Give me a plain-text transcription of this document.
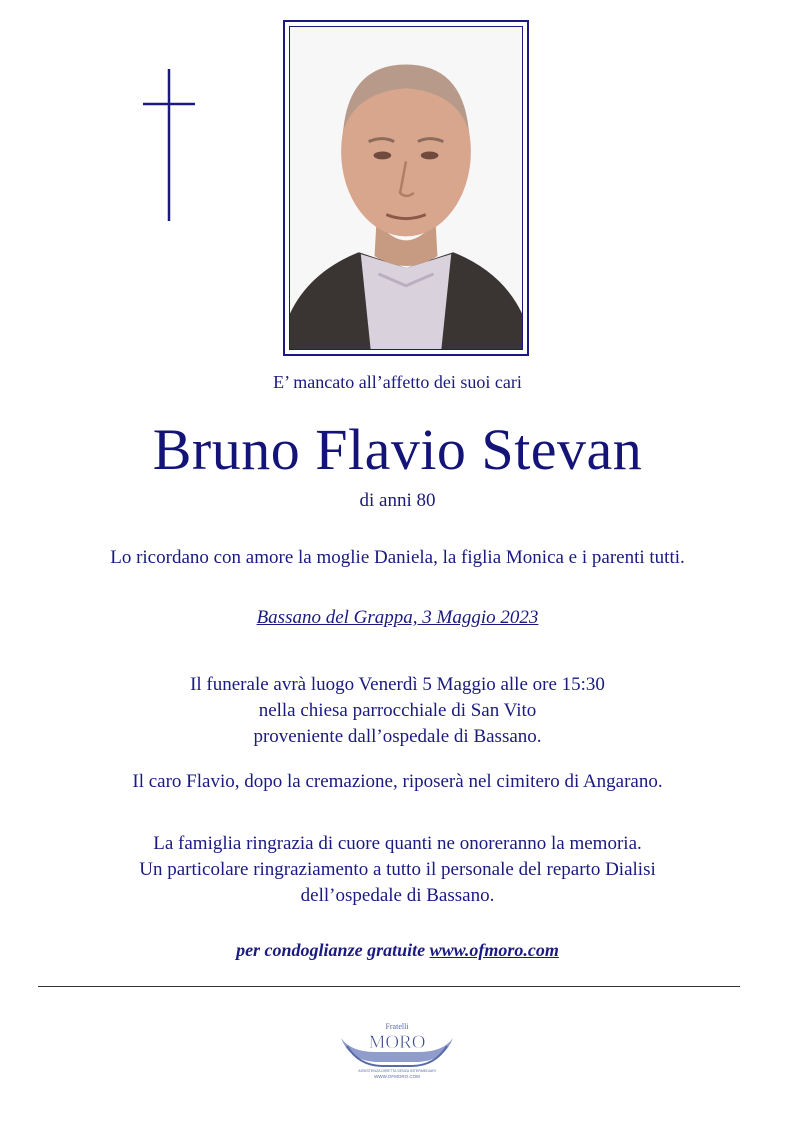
E’ mancato all’affetto dei suoi cari
Bruno Flavio Stevan
di anni 80
Lo ricordano con amore la moglie Daniela, la figlia Monica e i parenti tutti.
Bassano del Grappa, 3 Maggio 2023
Il funerale avrà luogo Venerdì 5 Maggio alle ore 15:30
nella chiesa parrocchiale di San Vito
proveniente dall’ospedale di Bassano.
Il caro Flavio, dopo la cremazione, riposerà nel cimitero di Angarano.
La famiglia ringrazia di cuore quanti ne onoreranno la memoria.
Un particolare ringraziamento a tutto il personale del reparto Dialisi
dell’ospedale di Bassano.
per condoglianze gratuite www.ofmoro.com
Fratelli
MORO
ASSISTENZA DIRETTA SENZA INTERMEDIARI
WWW.OFMORO.COM
